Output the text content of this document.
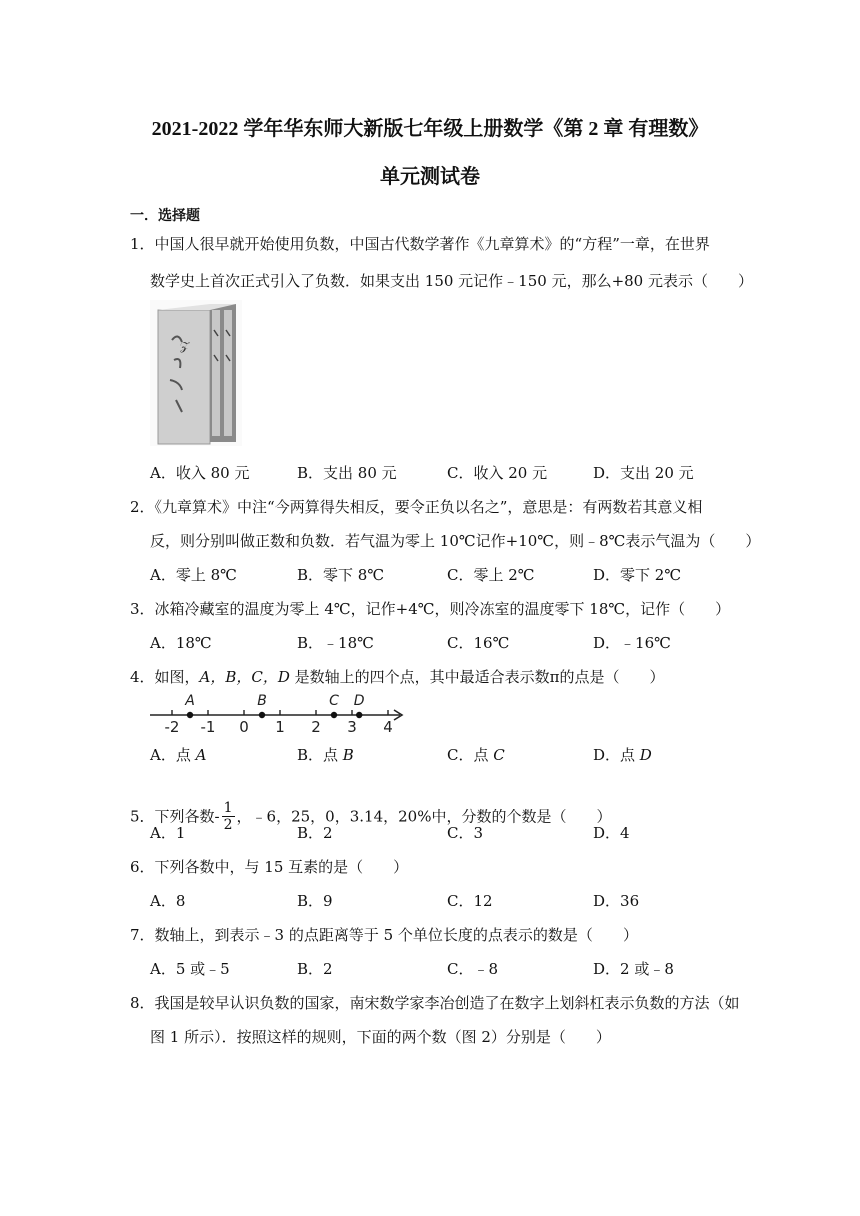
2021-2022 学年华东师大新版七年级上册数学《第 2 章 有理数》
单元测试卷
一．选择题
1．中国人很早就开始使用负数，中国古代数学著作《九章算术》的“方程”一章，在世界
数学史上首次正式引入了负数．如果支出 150 元记作﹣150 元，那么+80 元表示（　　）
𝒵
A．收入 80 元	B．支出 80 元	C．收入 20 元	D．支出 20 元
2．《九章算术》中注“今两算得失相反，要令正负以名之”，意思是：有两数若其意义相
反，则分别叫做正数和负数．若气温为零上 10℃记作+10℃，则﹣8℃表示气温为（　　）
A．零上 8℃	B．零下 8℃	C．零上 2℃	D．零下 2℃
3．冰箱冷藏室的温度为零上 4℃，记作+4℃，则冷冻室的温度零下 18℃，记作（　　）
A．18℃	B．﹣18℃	C．16℃	D．﹣16℃
4．如图，A，B，C，D 是数轴上的四个点，其中最适合表示数π的点是（　　）
-2 -1 0 1 2 3 4
A	B	C D
A．点 A	B．点 B	C．点 C	D．点 D
5．下列各数- $\frac{1}{2}$ ，﹣6，25，0，3.14，20%中，分数的个数是（　　）
A．1	B．2	C．3	D．4
6．下列各数中，与 15 互素的是（　　）
A．8	B．9	C．12	D．36
7．数轴上，到表示﹣3 的点距离等于 5 个单位长度的点表示的数是（　　）
A．5 或﹣5	B．2	C．﹣8	D．2 或﹣8
8．我国是较早认识负数的国家，南宋数学家李冶创造了在数字上划斜杠表示负数的方法（如
图 1 所示）．按照这样的规则，下面的两个数（图 2）分别是（　　）
